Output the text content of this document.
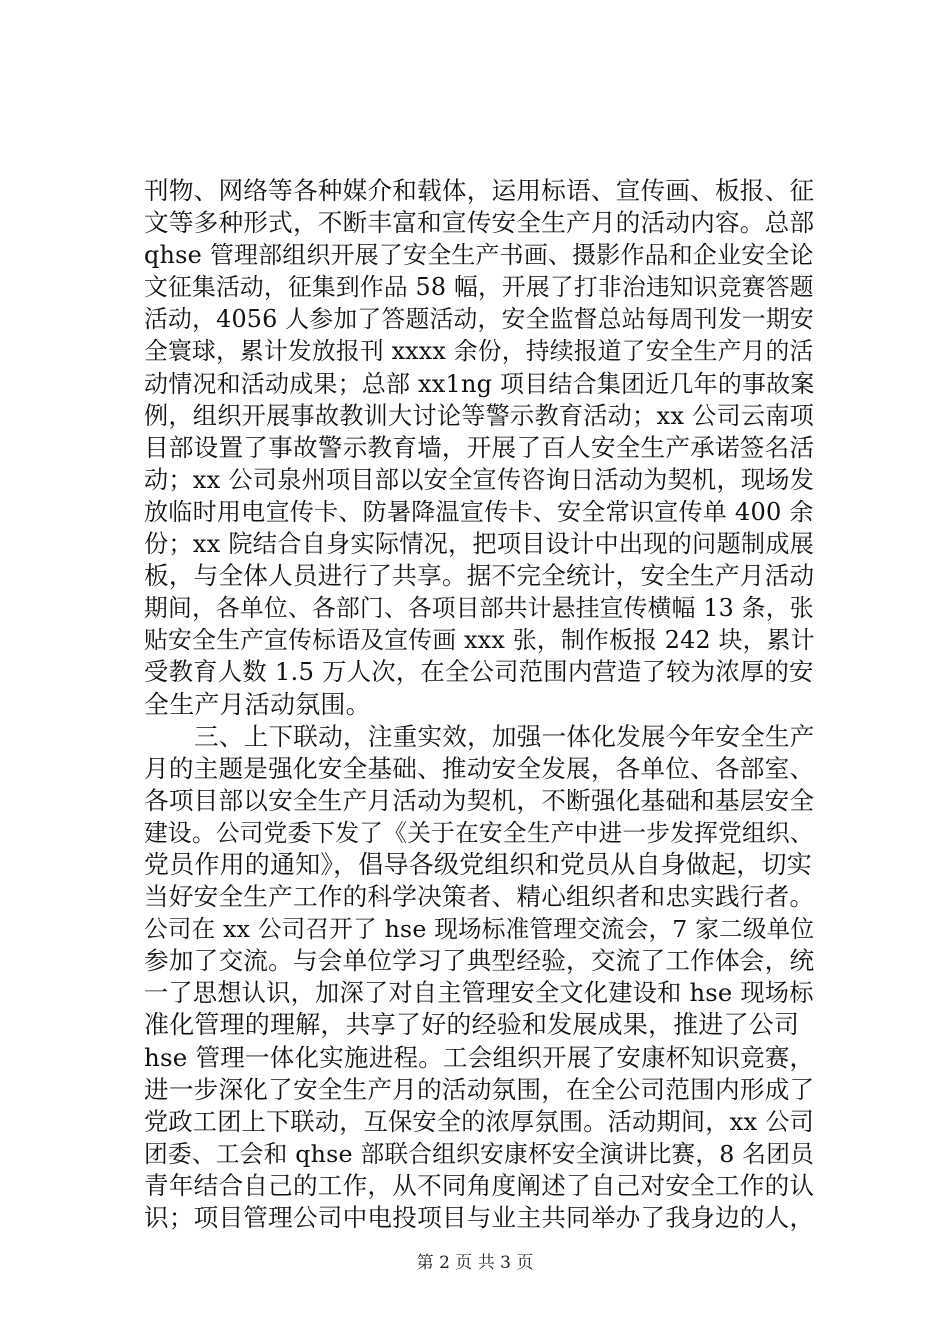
刊物、网络等各种媒介和载体，运用标语、宣传画、板报、征
文等多种形式，不断丰富和宣传安全生产月的活动内容。总部
qhse 管理部组织开展了安全生产书画、摄影作品和企业安全论
文征集活动，征集到作品 58 幅，开展了打非治违知识竞赛答题
活动，4056 人参加了答题活动，安全监督总站每周刊发一期安
全寰球，累计发放报刊 xxxx 余份，持续报道了安全生产月的活
动情况和活动成果；总部 xx1ng 项目结合集团近几年的事故案
例，组织开展事故教训大讨论等警示教育活动；xx 公司云南项
目部设置了事故警示教育墙，开展了百人安全生产承诺签名活
动；xx 公司泉州项目部以安全宣传咨询日活动为契机，现场发
放临时用电宣传卡、防暑降温宣传卡、安全常识宣传单 400 余
份；xx 院结合自身实际情况，把项目设计中出现的问题制成展
板，与全体人员进行了共享。据不完全统计，安全生产月活动
期间，各单位、各部门、各项目部共计悬挂宣传横幅 13 条，张
贴安全生产宣传标语及宣传画 xxx 张，制作板报 242 块，累计
受教育人数 1.5 万人次，在全公司范围内营造了较为浓厚的安
全生产月活动氛围。
三、上下联动，注重实效，加强一体化发展今年安全生产
月的主题是强化安全基础、推动安全发展，各单位、各部室、
各项目部以安全生产月活动为契机，不断强化基础和基层安全
建设。公司党委下发了《关于在安全生产中进一步发挥党组织、
党员作用的通知》，倡导各级党组织和党员从自身做起，切实
当好安全生产工作的科学决策者、精心组织者和忠实践行者。
公司在 xx 公司召开了 hse 现场标准管理交流会，7 家二级单位
参加了交流。与会单位学习了典型经验，交流了工作体会，统
一了思想认识，加深了对自主管理安全文化建设和 hse 现场标
准化管理的理解，共享了好的经验和发展成果，推进了公司
hse 管理一体化实施进程。工会组织开展了安康杯知识竞赛，
进一步深化了安全生产月的活动氛围，在全公司范围内形成了
党政工团上下联动，互保安全的浓厚氛围。活动期间，xx 公司
团委、工会和 qhse 部联合组织安康杯安全演讲比赛，8 名团员
青年结合自己的工作，从不同角度阐述了自己对安全工作的认
识；项目管理公司中电投项目与业主共同举办了我身边的人，
第 2 页 共 3 页
